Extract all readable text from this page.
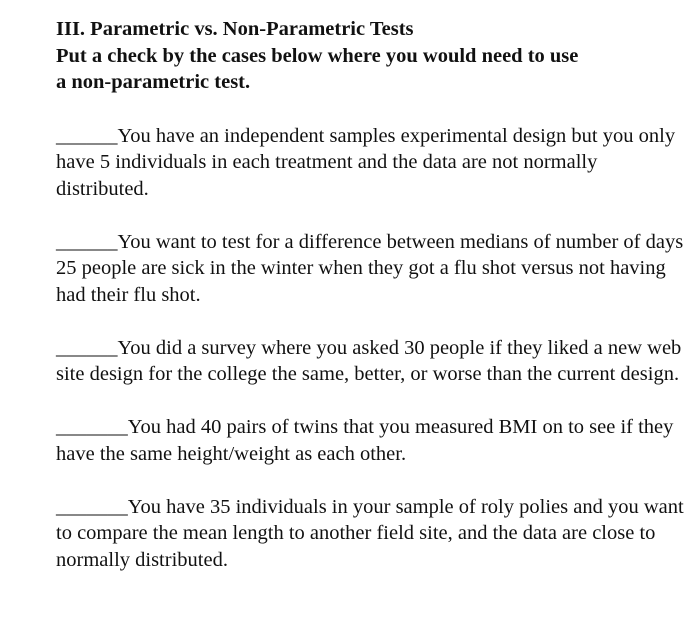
III. Parametric vs. Non-Parametric Tests
Put a check by the cases below where you would need to use
a non-parametric test.

______You have an independent samples experimental design but you only have 5 individuals in each treatment and the data are not normally distributed.

______You want to test for a difference between medians of number of days 25 people are sick in the winter when they got a flu shot versus not having had their flu shot.

______You did a survey where you asked 30 people if they liked a new web site design for the college the same, better, or worse than the current design.

_______You had 40 pairs of twins that you measured BMI on to see if they have the same height/weight as each other.

_______You have 35 individuals in your sample of roly polies and you want to compare the mean length to another field site, and the data are close to normally distributed.
